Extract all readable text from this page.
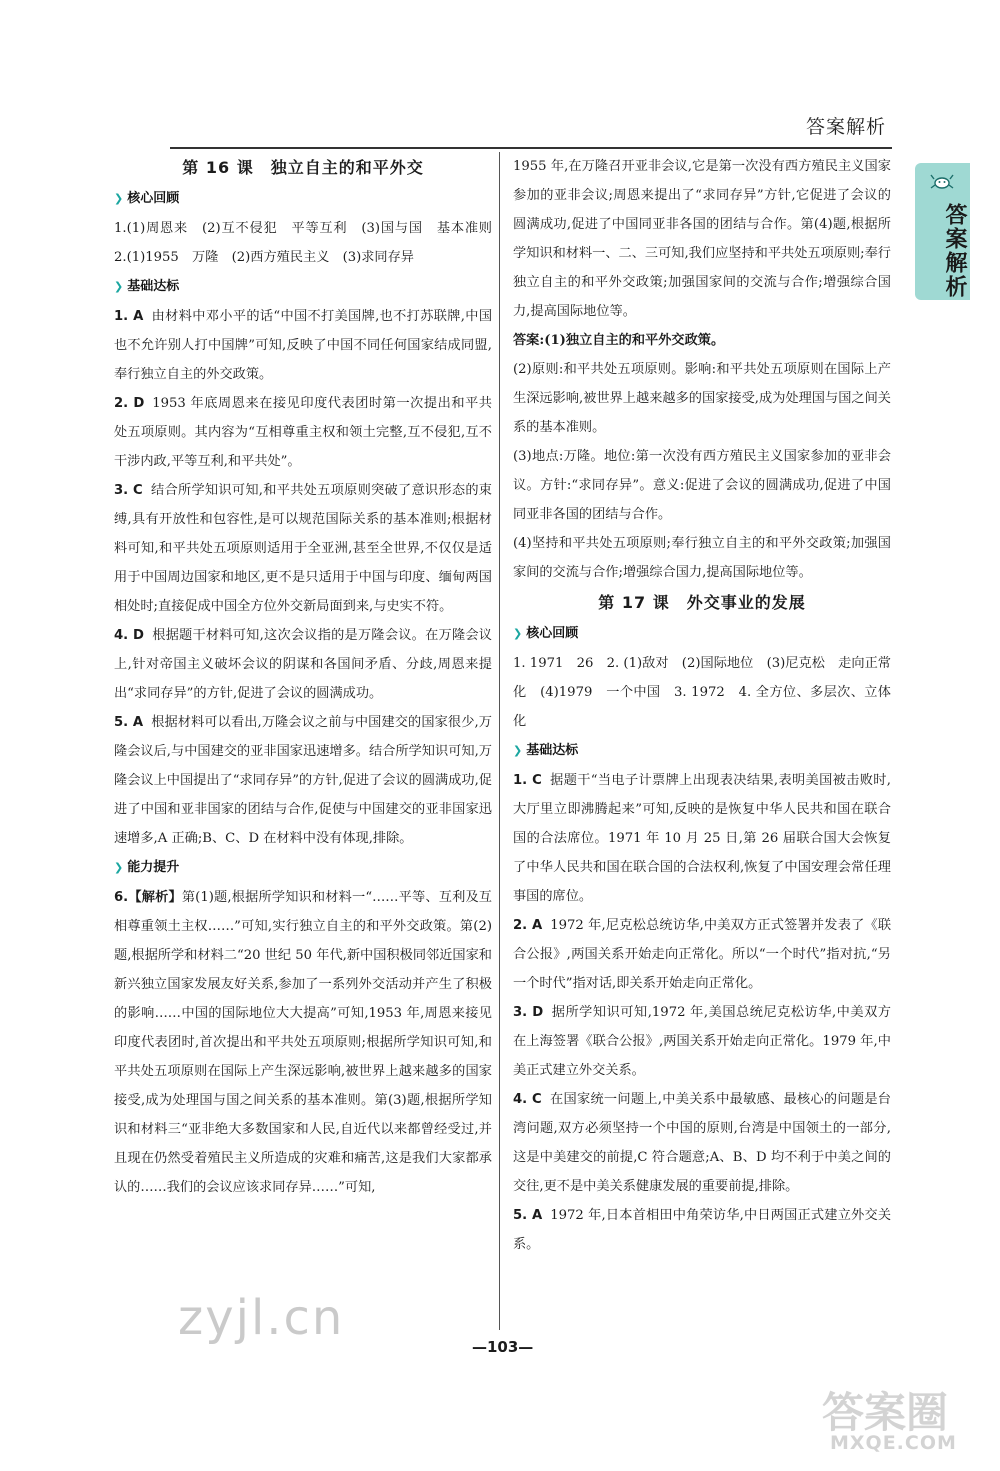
答案解析
答案解析
第 16 课　独立自主的和平外交
❯ 核心回顾

1.(1)周恩来　(2)互不侵犯　平等互利　(3)国与国　基本准则　2.(1)1955　万隆　(2)西方殖民主义　(3)求同存异

❯ 基础达标

1. A 由材料中邓小平的话“中国不打美国牌,也不打苏联牌,中国也不允许别人打中国牌”可知,反映了中国不同任何国家结成同盟,奉行独立自主的外交政策。

2. D 1953 年底周恩来在接见印度代表团时第一次提出和平共处五项原则。其内容为“互相尊重主权和领土完整,互不侵犯,互不干涉内政,平等互利,和平共处”。

3. C 结合所学知识可知,和平共处五项原则突破了意识形态的束缚,具有开放性和包容性,是可以规范国际关系的基本准则;根据材料可知,和平共处五项原则适用于全亚洲,甚至全世界,不仅仅是适用于中国周边国家和地区,更不是只适用于中国与印度、缅甸两国相处时;直接促成中国全方位外交新局面到来,与史实不符。

4. D 根据题干材料可知,这次会议指的是万隆会议。在万隆会议上,针对帝国主义破坏会议的阴谋和各国间矛盾、分歧,周恩来提出“求同存异”的方针,促进了会议的圆满成功。

5. A 根据材料可以看出,万隆会议之前与中国建交的国家很少,万隆会议后,与中国建交的亚非国家迅速增多。结合所学知识可知,万隆会议上中国提出了“求同存异”的方针,促进了会议的圆满成功,促进了中国和亚非国家的团结与合作,促使与中国建交的亚非国家迅速增多,A 正确;B、C、D 在材料中没有体现,排除。

❯ 能力提升

6.【解析】第(1)题,根据所学知识和材料一“……平等、互利及互相尊重领土主权……”可知,实行独立自主的和平外交政策。第(2)题,根据所学和材料二“20 世纪 50 年代,新中国积极同邻近国家和新兴独立国家发展友好关系,参加了一系列外交活动并产生了积极的影响……中国的国际地位大大提高”可知,1953 年,周恩来接见印度代表团时,首次提出和平共处五项原则;根据所学知识可知,和平共处五项原则在国际上产生深远影响,被世界上越来越多的国家接受,成为处理国与国之间关系的基本准则。第(3)题,根据所学知识和材料三“亚非绝大多数国家和人民,自近代以来都曾经受过,并且现在仍然受着殖民主义所造成的灾难和痛苦,这是我们大家都承认的……我们的会议应该求同存异……”可知,

1955 年,在万隆召开亚非会议,它是第一次没有西方殖民主义国家参加的亚非会议;周恩来提出了“求同存异”方针,它促进了会议的圆满成功,促进了中国同亚非各国的团结与合作。第(4)题,根据所学知识和材料一、二、三可知,我们应坚持和平共处五项原则;奉行独立自主的和平外交政策;加强国家间的交流与合作;增强综合国力,提高国际地位等。

答案:(1)独立自主的和平外交政策。

(2)原则:和平共处五项原则。影响:和平共处五项原则在国际上产生深远影响,被世界上越来越多的国家接受,成为处理国与国之间关系的基本准则。

(3)地点:万隆。地位:第一次没有西方殖民主义国家参加的亚非会议。方针:“求同存异”。意义:促进了会议的圆满成功,促进了中国同亚非各国的团结与合作。

(4)坚持和平共处五项原则;奉行独立自主的和平外交政策;加强国家间的交流与合作;增强综合国力,提高国际地位等。

第 17 课　外交事业的发展
❯ 核心回顾

1. 1971　26　2. (1)敌对　(2)国际地位　(3)尼克松　走向正常化　(4)1979　一个中国　3. 1972　4. 全方位、多层次、立体化

❯ 基础达标

1. C 据题干“当电子计票牌上出现表决结果,表明美国被击败时,大厅里立即沸腾起来”可知,反映的是恢复中华人民共和国在联合国的合法席位。1971 年 10 月 25 日,第 26 届联合国大会恢复了中华人民共和国在联合国的合法权利,恢复了中国安理会常任理事国的席位。

2. A 1972 年,尼克松总统访华,中美双方正式签署并发表了《联合公报》,两国关系开始走向正常化。所以“一个时代”指对抗,“另一个时代”指对话,即关系开始走向正常化。

3. D 据所学知识可知,1972 年,美国总统尼克松访华,中美双方在上海签署《联合公报》,两国关系开始走向正常化。1979 年,中美正式建立外交关系。

4. C 在国家统一问题上,中美关系中最敏感、最核心的问题是台湾问题,双方必须坚持一个中国的原则,台湾是中国领土的一部分,这是中美建交的前提,C 符合题意;A、B、D 均不利于中美之间的交往,更不是中美关系健康发展的重要前提,排除。

5. A 1972 年,日本首相田中角荣访华,中日两国正式建立外交关系。

—103—
zyjl.cn
答案圈
MXQE.COM
